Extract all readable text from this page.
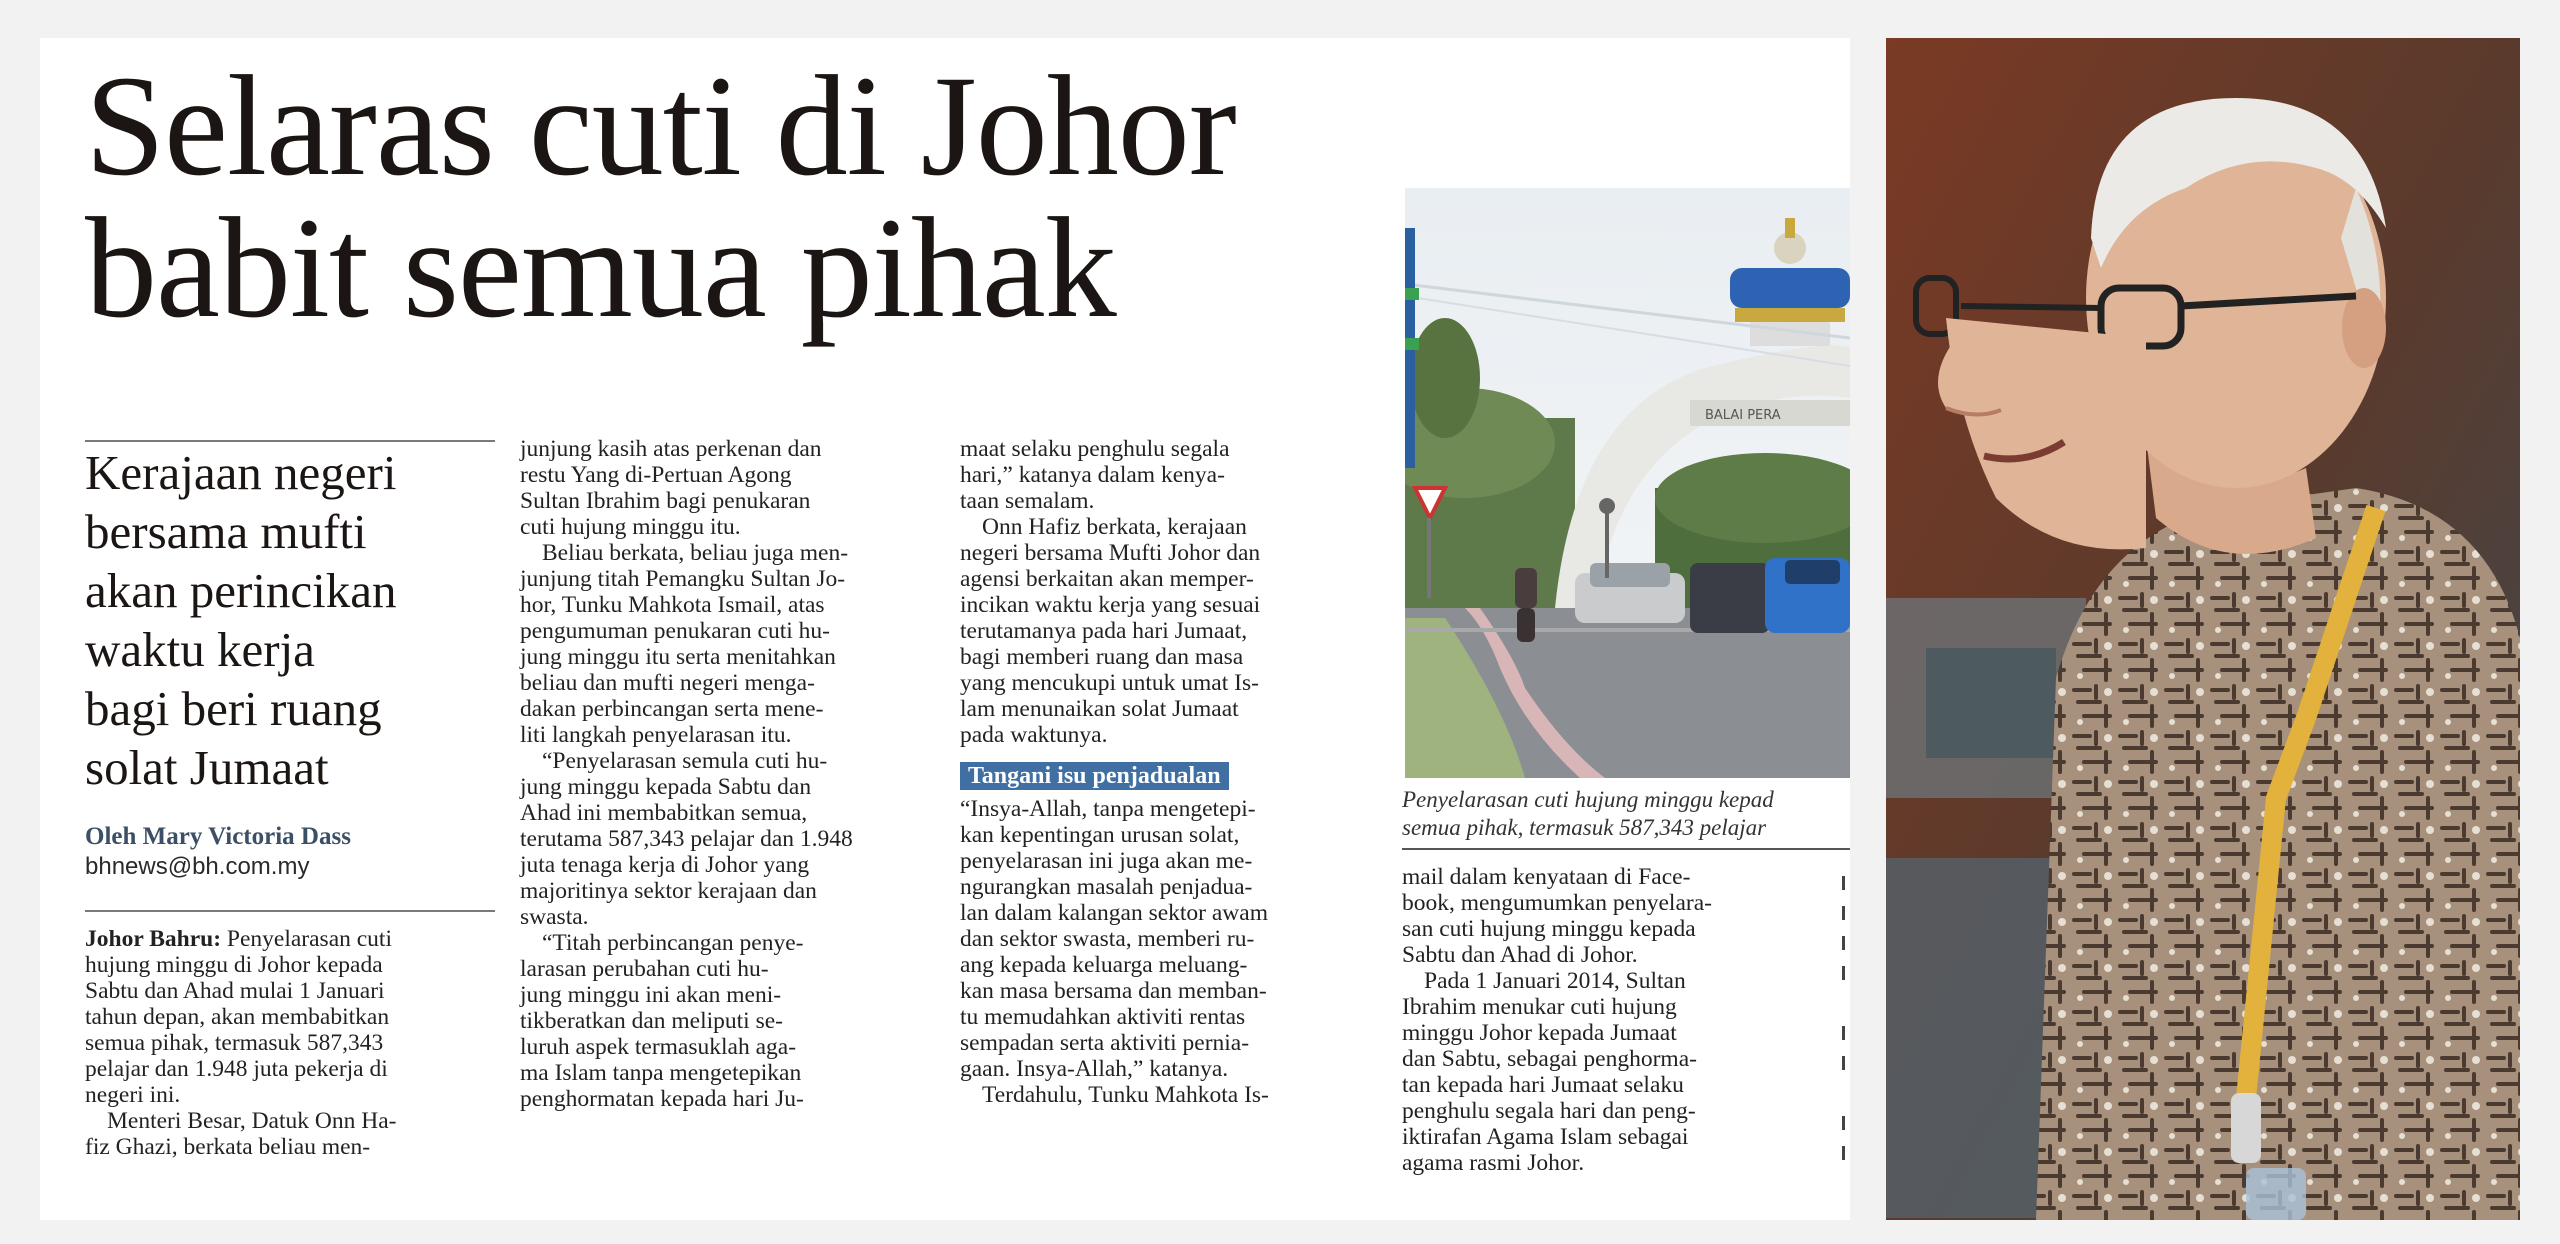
Selaras cuti di Johor
babit semua pihak
Kerajaan negeri
bersama mufti
akan perincikan
waktu kerja
bagi beri ruang
solat Jumaat
Oleh Mary Victoria Dass
bhnews@bh.com.my

Johor Bahru: Penyelarasan cuti
hujung minggu di Johor kepada
Sabtu dan Ahad mulai 1 Januari
tahun depan, akan membabitkan
semua pihak, termasuk 587,343
pelajar dan 1.948 juta pekerja di
negeri ini.

Menteri Besar, Datuk Onn Ha-

fiz Ghazi, berkata beliau men-

junjung kasih atas perkenan dan
restu Yang di-Pertuan Agong
Sultan Ibrahim bagi penukaran
cuti hujung minggu itu.

Beliau berkata, beliau juga men-
junjung titah Pemangku Sultan Jo-
hor, Tunku Mahkota Ismail, atas
pengumuman penukaran cuti hu-
jung minggu itu serta menitahkan
beliau dan mufti negeri menga-
dakan perbincangan serta mene-
liti langkah penyelarasan itu.

“Penyelarasan semula cuti hu-
jung minggu kepada Sabtu dan
Ahad ini membabitkan semua,
terutama 587,343 pelajar dan 1.948
juta tenaga kerja di Johor yang
majoritinya sektor kerajaan dan
swasta.

“Titah perbincangan penye-
larasan perubahan cuti hu-
jung minggu ini akan meni-
tikberatkan dan meliputi se-
luruh aspek termasuklah aga-
ma Islam tanpa mengetepikan
penghormatan kepada hari Ju-

maat selaku penghulu segala
hari,” katanya dalam kenya-
taan semalam.

Onn Hafiz berkata, kerajaan
negeri bersama Mufti Johor dan
agensi berkaitan akan memper-
incikan waktu kerja yang sesuai
terutamanya pada hari Jumaat,
bagi memberi ruang dan masa
yang mencukupi untuk umat Is-
lam menunaikan solat Jumaat
pada waktunya.

Tangani isu penjadualan

“Insya-Allah, tanpa mengetepi-
kan kepentingan urusan solat,
penyelarasan ini juga akan me-
ngurangkan masalah penjadua-
lan dalam kalangan sektor awam
dan sektor swasta, memberi ru-
ang kepada keluarga meluang-
kan masa bersama dan memban-
tu memudahkan aktiviti rentas
sempadan serta aktiviti pernia-
gaan. Insya-Allah,” katanya.

Terdahulu, Tunku Mahkota Is-

BALAI PERA
Penyelarasan cuti hujung minggu kepad
semua pihak, termasuk 587,343 pelajar

mail dalam kenyataan di Face-
book, mengumumkan penyelara-
san cuti hujung minggu kepada
Sabtu dan Ahad di Johor.

Pada 1 Januari 2014, Sultan
Ibrahim menukar cuti hujung
minggu Johor kepada Jumaat
dan Sabtu, sebagai penghorma-
tan kepada hari Jumaat selaku
penghulu segala hari dan peng-
iktirafan Agama Islam sebagai
agama rasmi Johor.
